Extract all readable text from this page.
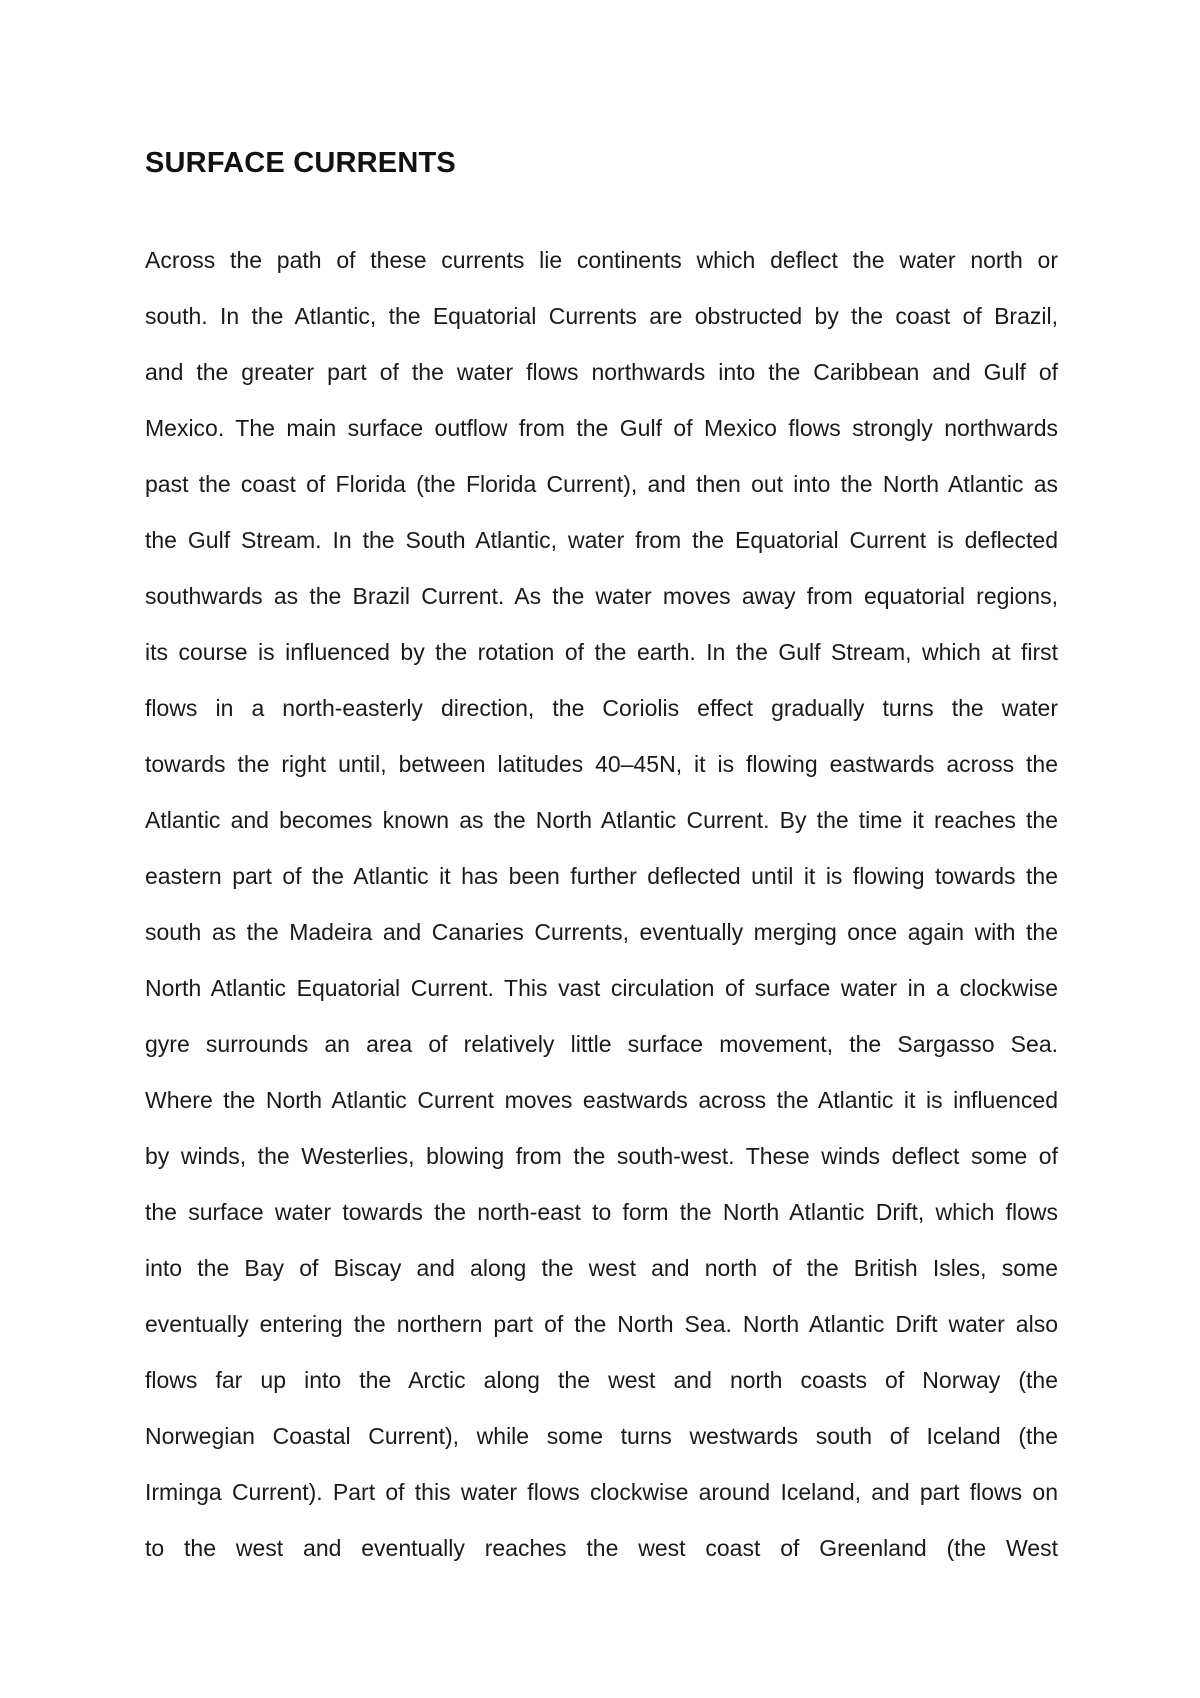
SURFACE CURRENTS
Across the path of these currents lie continents which deflect the water north or
south. In the Atlantic, the Equatorial Currents are obstructed by the coast of Brazil,
and the greater part of the water flows northwards into the Caribbean and Gulf of
Mexico. The main surface outflow from the Gulf of Mexico flows strongly northwards
past the coast of Florida (the Florida Current), and then out into the North Atlantic as
the Gulf Stream. In the South Atlantic, water from the Equatorial Current is deflected
southwards as the Brazil Current. As the water moves away from equatorial regions,
its course is influenced by the rotation of the earth. In the Gulf Stream, which at first
flows in a north-easterly direction, the Coriolis effect gradually turns the water
towards the right until, between latitudes 40–45N, it is flowing eastwards across the
Atlantic and becomes known as the North Atlantic Current. By the time it reaches the
eastern part of the Atlantic it has been further deflected until it is flowing towards the
south as the Madeira and Canaries Currents, eventually merging once again with the
North Atlantic Equatorial Current. This vast circulation of surface water in a clockwise
gyre surrounds an area of relatively little surface movement, the Sargasso Sea.
Where the North Atlantic Current moves eastwards across the Atlantic it is influenced
by winds, the Westerlies, blowing from the south-west. These winds deflect some of
the surface water towards the north-east to form the North Atlantic Drift, which flows
into the Bay of Biscay and along the west and north of the British Isles, some
eventually entering the northern part of the North Sea. North Atlantic Drift water also
flows far up into the Arctic along the west and north coasts of Norway (the
Norwegian Coastal Current), while some turns westwards south of Iceland (the
Irminga Current). Part of this water flows clockwise around Iceland, and part flows on
to the west and eventually reaches the west coast of Greenland (the West
